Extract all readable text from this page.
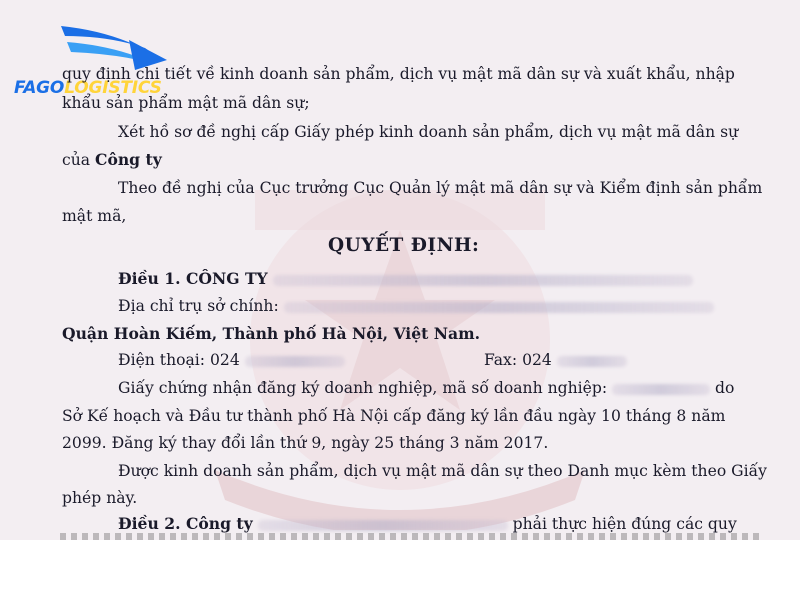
FAGOLOGISTICS
quy định chi tiết về kinh doanh sản phẩm, dịch vụ mật mã dân sự và xuất khẩu, nhập
khẩu sản phẩm mật mã dân sự;
Xét hồ sơ đề nghị cấp Giấy phép kinh doanh sản phẩm, dịch vụ mật mã dân sự
của Công ty
Theo đề nghị của Cục trưởng Cục Quản lý mật mã dân sự và Kiểm định sản phẩm
mật mã,
QUYẾT ĐỊNH:
Điều 1. CÔNG TY
Địa chỉ trụ sở chính:
Quận Hoàn Kiếm, Thành phố Hà Nội, Việt Nam.
Điện thoại: 024	Fax: 024
Giấy chứng nhận đăng ký doanh nghiệp, mã số doanh nghiệp:	do
Sở Kế hoạch và Đầu tư thành phố Hà Nội cấp đăng ký lần đầu ngày 10 tháng 8 năm
2099. Đăng ký thay đổi lần thứ 9, ngày 25 tháng 3 năm 2017.
Được kinh doanh sản phẩm, dịch vụ mật mã dân sự theo Danh mục kèm theo Giấy
phép này.
Điều 2. Công ty	phải thực hiện đúng các quy
